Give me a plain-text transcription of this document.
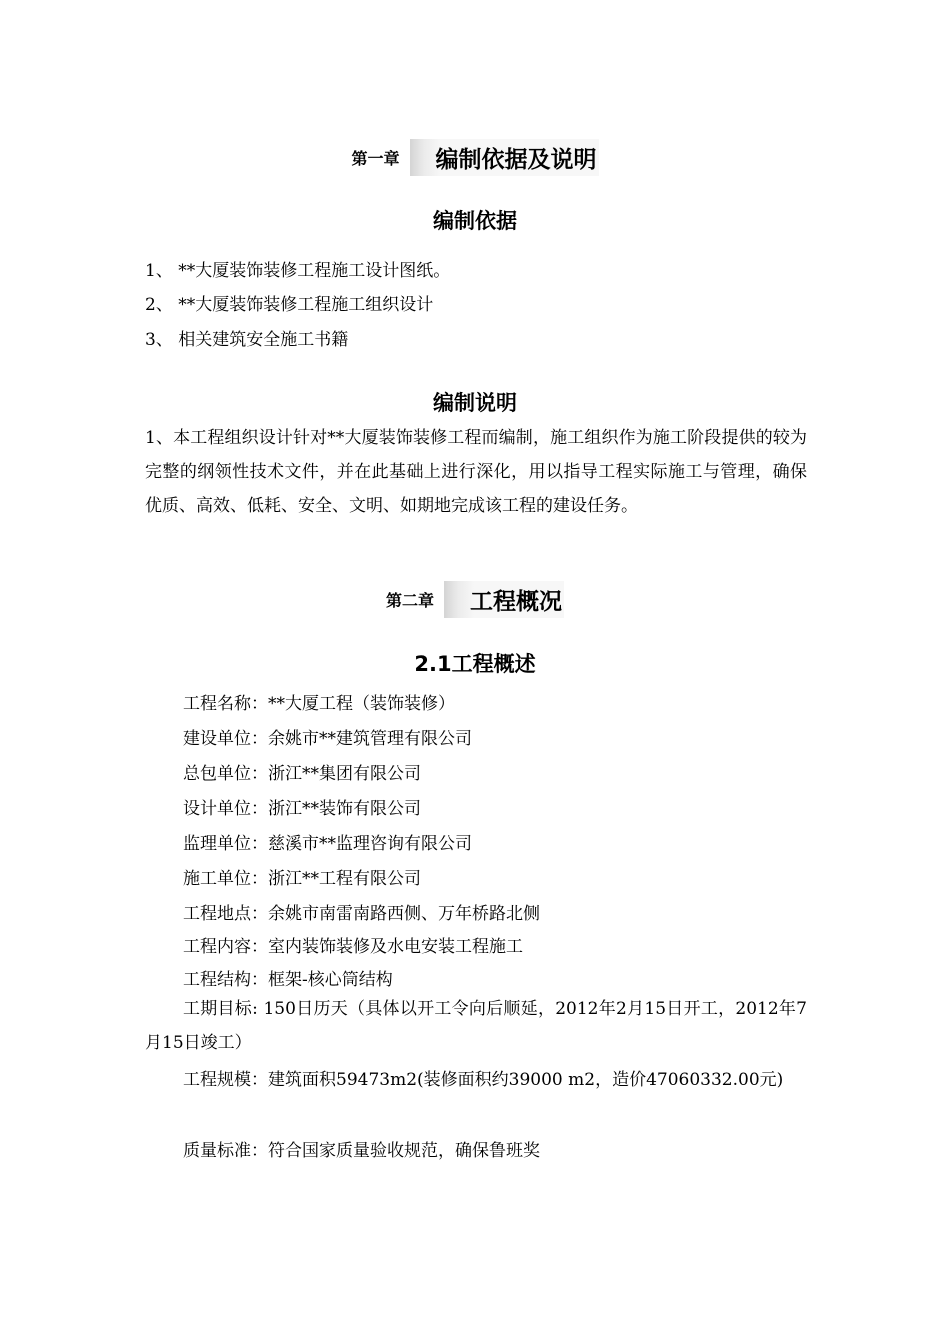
第一章 编制依据及说明
编制依据
1、 **大厦装饰装修工程施工设计图纸。
2、 **大厦装饰装修工程施工组织设计
3、 相关建筑安全施工书籍
编制说明
1、本工程组织设计针对**大厦装饰装修工程而编制，施工组织作为施工阶段提供的较为完整的纲领性技术文件，并在此基础上进行深化，用以指导工程实际施工与管理，确保优质、高效、低耗、安全、文明、如期地完成该工程的建设任务。
第二章 工程概况
2.1工程概述
工程名称：**大厦工程（装饰装修）
建设单位：余姚市**建筑管理有限公司
总包单位：浙江**集团有限公司
设计单位：浙江**装饰有限公司
监理单位：慈溪市**监理咨询有限公司
施工单位：浙江**工程有限公司
工程地点：余姚市南雷南路西侧、万年桥路北侧
工程内容：室内装饰装修及水电安装工程施工
工程结构：框架-核心筒结构
工期目标: 150日历天（具体以开工令向后顺延，2012年2月15日开工，2012年7月15日竣工）
工程规模：建筑面积59473m2(装修面积约39000 m2，造价47060332.00元)
质量标准：符合国家质量验收规范，确保鲁班奖
